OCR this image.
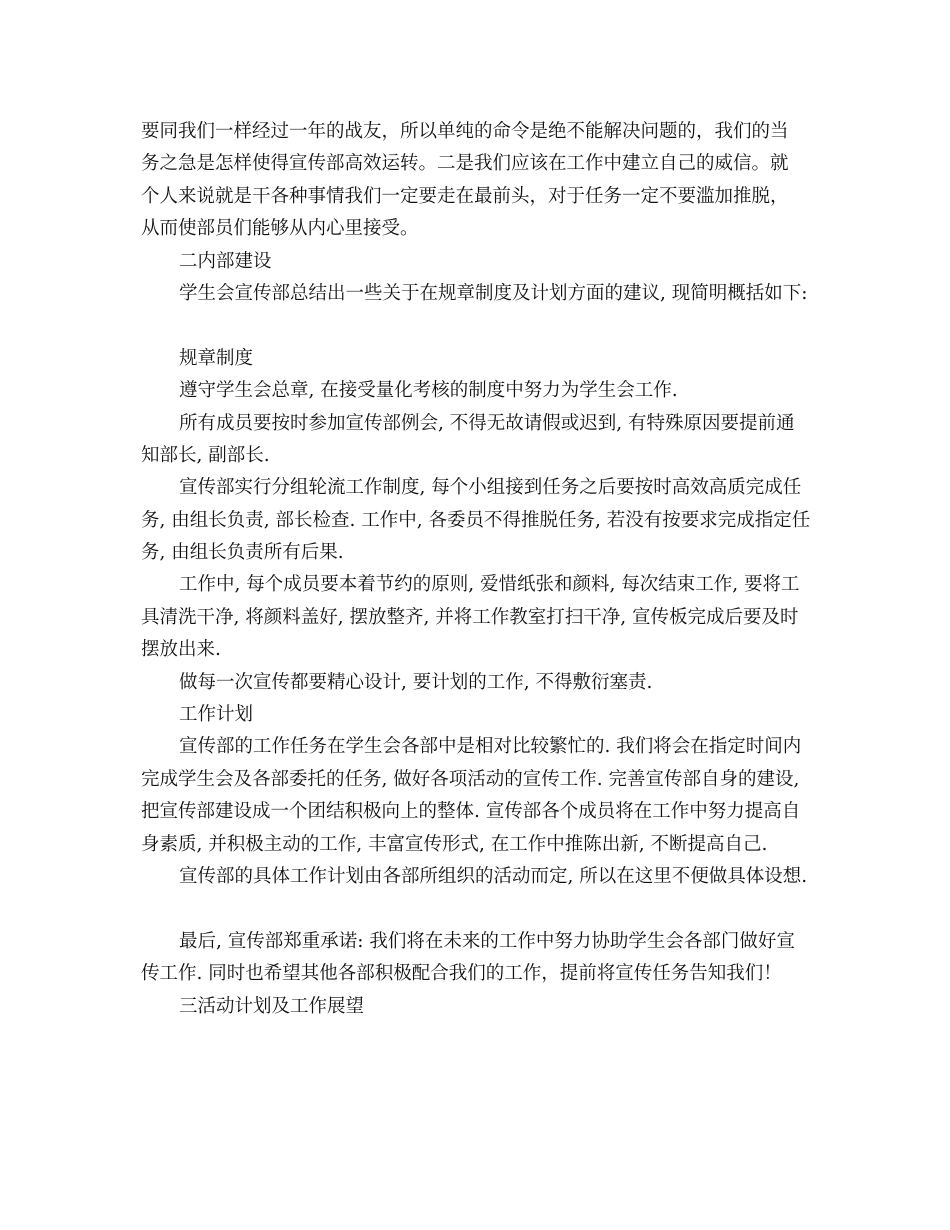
要同我们一样经过一年的战友，所以单纯的命令是绝不能解决问题的，我们的当
务之急是怎样使得宣传部高效运转。二是我们应该在工作中建立自己的威信。就
个人来说就是干各种事情我们一定要走在最前头，对于任务一定不要滥加推脱，
从而使部员们能够从内心里接受。
二内部建设
学生会宣传部总结出一些关于在规章制度及计划方面的建议, 现简明概括如下:
规章制度
遵守学生会总章, 在接受量化考核的制度中努力为学生会工作.
所有成员要按时参加宣传部例会, 不得无故请假或迟到, 有特殊原因要提前通
知部长, 副部长.
宣传部实行分组轮流工作制度, 每个小组接到任务之后要按时高效高质完成任
务, 由组长负责, 部长检查. 工作中, 各委员不得推脱任务, 若没有按要求完成指定任
务, 由组长负责所有后果.
工作中, 每个成员要本着节约的原则, 爱惜纸张和颜料, 每次结束工作, 要将工
具清洗干净, 将颜料盖好, 摆放整齐, 并将工作教室打扫干净, 宣传板完成后要及时
摆放出来.
做每一次宣传都要精心设计, 要计划的工作, 不得敷衍塞责.
工作计划
宣传部的工作任务在学生会各部中是相对比较繁忙的. 我们将会在指定时间内
完成学生会及各部委托的任务, 做好各项活动的宣传工作. 完善宣传部自身的建设,
把宣传部建设成一个团结积极向上的整体. 宣传部各个成员将在工作中努力提高自
身素质, 并积极主动的工作, 丰富宣传形式, 在工作中推陈出新, 不断提高自己.
宣传部的具体工作计划由各部所组织的活动而定, 所以在这里不便做具体设想.
最后, 宣传部郑重承诺: 我们将在未来的工作中努力协助学生会各部门做好宣
传工作. 同时也希望其他各部积极配合我们的工作，提前将宣传任务告知我们！
三活动计划及工作展望
